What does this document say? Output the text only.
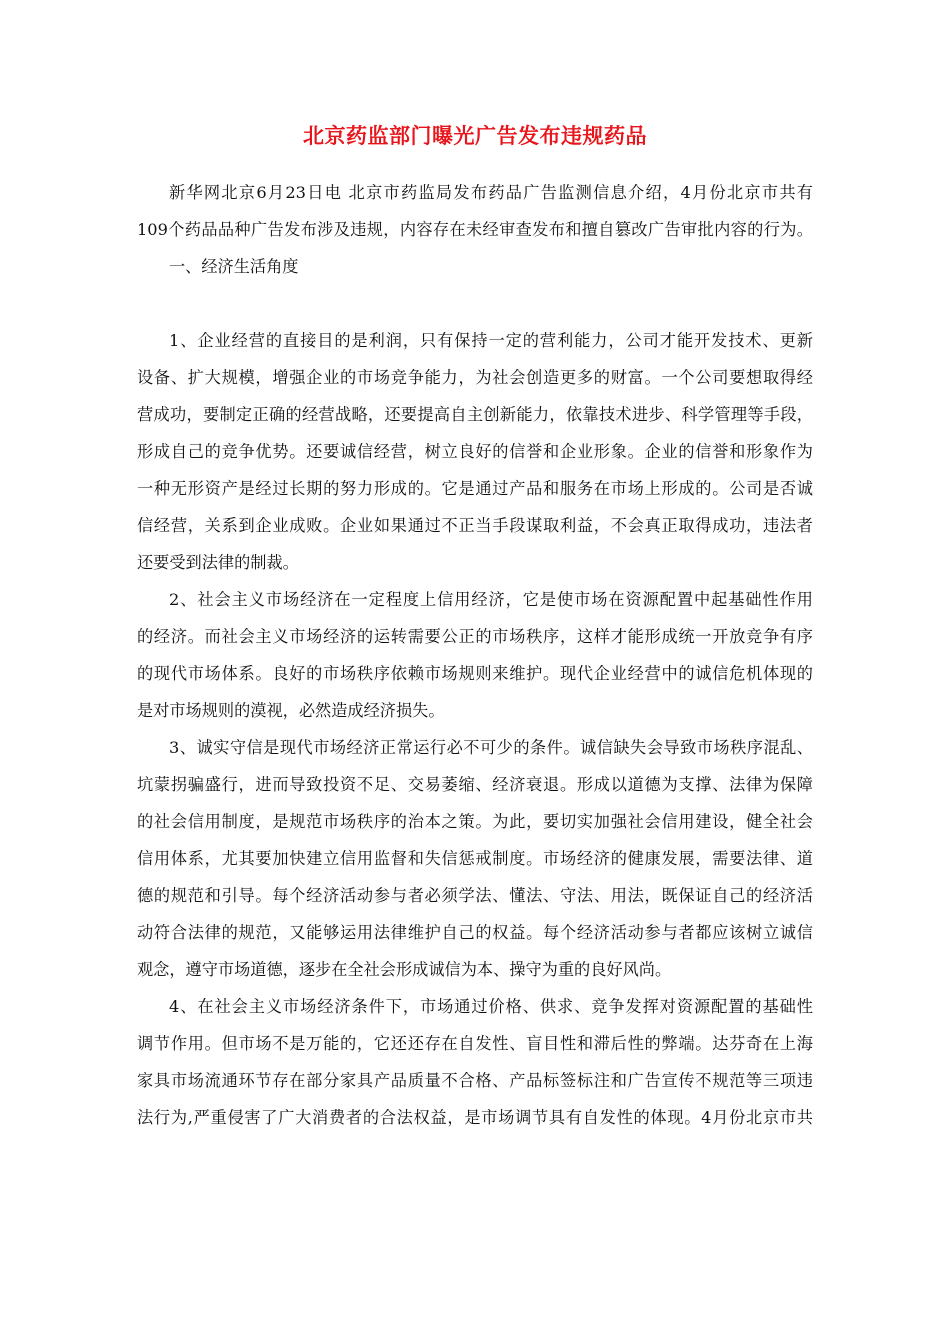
北京药监部门曝光广告发布违规药品
新华网北京6月23日电 北京市药监局发布药品广告监测信息介绍，4月份北京市共有
109个药品品种广告发布涉及违规，内容存在未经审查发布和擅自篡改广告审批内容的行为。
一、经济生活角度
1、企业经营的直接目的是利润，只有保持一定的营利能力，公司才能开发技术、更新
设备、扩大规模，增强企业的市场竞争能力，为社会创造更多的财富。一个公司要想取得经
营成功，要制定正确的经营战略，还要提高自主创新能力，依靠技术进步、科学管理等手段，
形成自己的竞争优势。还要诚信经营，树立良好的信誉和企业形象。企业的信誉和形象作为
一种无形资产是经过长期的努力形成的。它是通过产品和服务在市场上形成的。公司是否诚
信经营，关系到企业成败。企业如果通过不正当手段谋取利益，不会真正取得成功，违法者
还要受到法律的制裁。
2、社会主义市场经济在一定程度上信用经济，它是使市场在资源配置中起基础性作用
的经济。而社会主义市场经济的运转需要公正的市场秩序，这样才能形成统一开放竞争有序
的现代市场体系。良好的市场秩序依赖市场规则来维护。现代企业经营中的诚信危机体现的
是对市场规则的漠视，必然造成经济损失。
3、诚实守信是现代市场经济正常运行必不可少的条件。诚信缺失会导致市场秩序混乱、
坑蒙拐骗盛行，进而导致投资不足、交易萎缩、经济衰退。形成以道德为支撑、法律为保障
的社会信用制度，是规范市场秩序的治本之策。为此，要切实加强社会信用建设，健全社会
信用体系，尤其要加快建立信用监督和失信惩戒制度。市场经济的健康发展，需要法律、道
德的规范和引导。每个经济活动参与者必须学法、懂法、守法、用法，既保证自己的经济活
动符合法律的规范，又能够运用法律维护自己的权益。每个经济活动参与者都应该树立诚信
观念，遵守市场道德，逐步在全社会形成诚信为本、操守为重的良好风尚。
4、在社会主义市场经济条件下，市场通过价格、供求、竞争发挥对资源配置的基础性
调节作用。但市场不是万能的，它还还存在自发性、盲目性和滞后性的弊端。达芬奇在上海
家具市场流通环节存在部分家具产品质量不合格、产品标签标注和广告宣传不规范等三项违
法行为,严重侵害了广大消费者的合法权益，是市场调节具有自发性的体现。4月份北京市共
